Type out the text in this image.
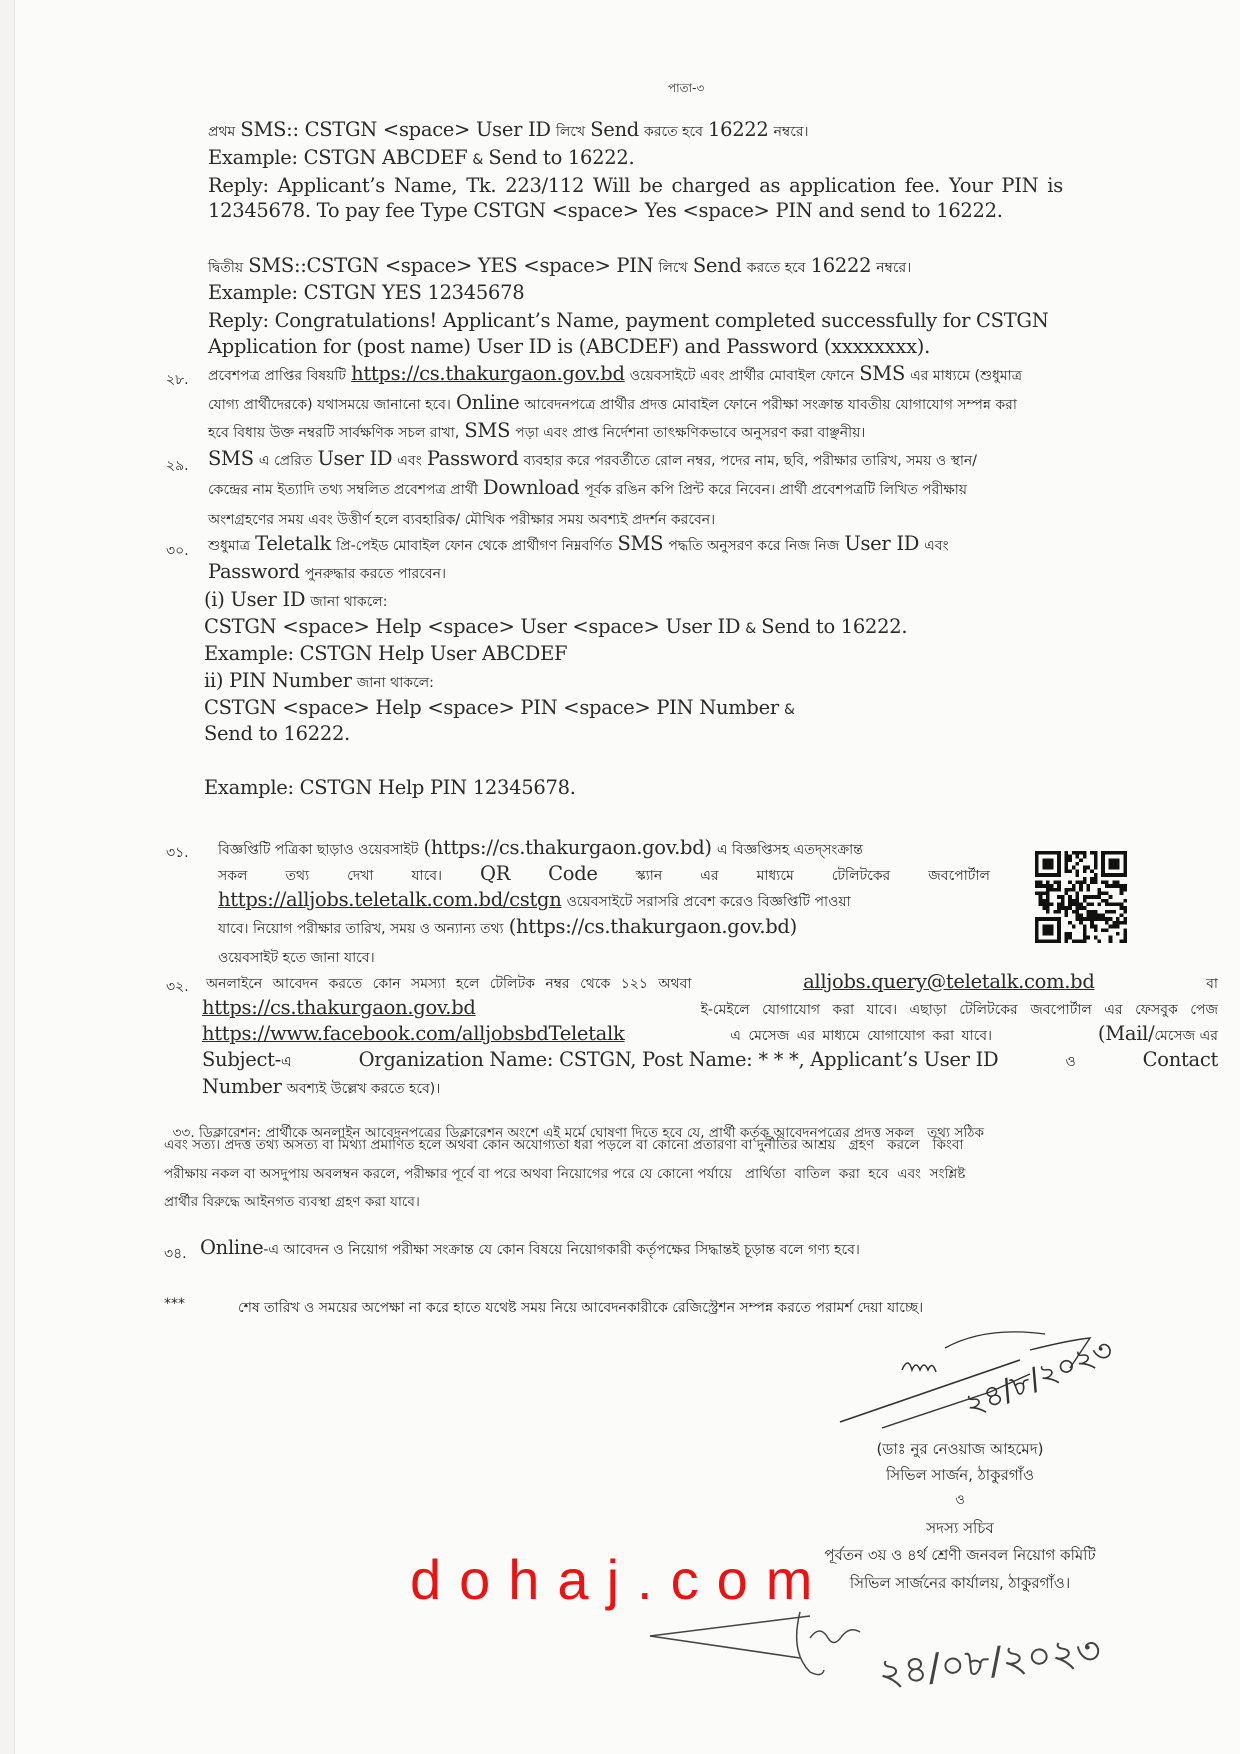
পাতা-৩
প্রথম SMS:: CSTGN <space> User ID লিখে Send করতে হবে 16222 নম্বরে।
Example: CSTGN ABCDEF & Send to 16222.
Reply: Applicant’s Name, Tk. 223/112 Will be charged as application fee. Your PIN is
12345678. To pay fee Type CSTGN <space> Yes <space> PIN and send to 16222.
দ্বিতীয় SMS::CSTGN <space> YES <space> PIN লিখে Send করতে হবে 16222 নম্বরে।
Example: CSTGN YES 12345678
Reply: Congratulations! Applicant’s Name, payment completed successfully for CSTGN
Application for (post name) User ID is (ABCDEF) and Password (xxxxxxxx).
২৮. প্রবেশপত্র প্রাপ্তির বিষয়টি https://cs.thakurgaon.gov.bd ওয়েবসাইটে এবং প্রার্থীর মোবাইল ফোনে SMS এর মাধ্যমে (শুধুমাত্র
যোগ্য প্রার্থীদেরকে) যথাসময়ে জানানো হবে। Online আবেদনপত্রে প্রার্থীর প্রদত্ত মোবাইল ফোনে পরীক্ষা সংক্রান্ত যাবতীয় যোগাযোগ সম্পন্ন করা
হবে বিধায় উক্ত নম্বরটি সার্বক্ষণিক সচল রাখা, SMS পড়া এবং প্রাপ্ত নির্দেশনা তাৎক্ষণিকভাবে অনুসরণ করা বাঞ্ছনীয়।
২৯. SMS এ প্রেরিত User ID এবং Password ব্যবহার করে পরবর্তীতে রোল নম্বর, পদের নাম, ছবি, পরীক্ষার তারিখ, সময় ও স্থান/
কেন্দ্রের নাম ইত্যাদি তথ্য সম্বলিত প্রবেশপত্র প্রার্থী Download পূর্বক রঙিন কপি প্রিন্ট করে নিবেন। প্রার্থী প্রবেশপত্রটি লিখিত পরীক্ষায়
অংশগ্রহণের সময় এবং উত্তীর্ণ হলে ব্যবহারিক/ মৌখিক পরীক্ষার সময় অবশ্যই প্রদর্শন করবেন।
৩০. শুধুমাত্র Teletalk প্রি-পেইড মোবাইল ফোন থেকে প্রার্থীগণ নিম্নবর্ণিত SMS পদ্ধতি অনুসরণ করে নিজ নিজ User ID এবং
Password পুনরুদ্ধার করতে পারবেন।
(i) User ID জানা থাকলে:
CSTGN <space> Help <space> User <space> User ID & Send to 16222.
Example: CSTGN Help User ABCDEF
ii) PIN Number জানা থাকলে:
CSTGN <space> Help <space> PIN <space> PIN Number &
Send to 16222.
Example: CSTGN Help PIN 12345678.
৩১. বিজ্ঞপ্তিটি পত্রিকা ছাড়াও ওয়েবসাইট (https://cs.thakurgaon.gov.bd) এ বিজ্ঞপ্তিসহ এতদ্‌সংক্রান্ত
সকল	তথ্য	দেখা	যাবে। QR Code	স্ক্যান	এর	মাধ্যমে	টেলিটকের	জবপোর্টাল
https://alljobs.teletalk.com.bd/cstgn ওয়েবসাইটে সরাসরি প্রবেশ করেও বিজ্ঞপ্তিটি পাওয়া
যাবে। নিয়োগ পরীক্ষার তারিখ, সময় ও অন্যান্য তথ্য (https://cs.thakurgaon.gov.bd)
ওয়েবসাইট হতে জানা যাবে।
৩২. অনলাইনে আবেদন করতে কোন সমস্যা হলে টেলিটক নম্বর থেকে ১২১ অথবা	alljobs.query@teletalk.com.bd	বা
https://cs.thakurgaon.gov.bd	ই-মেইলে যোগাযোগ করা যাবে। এছাড়া টেলিটকের জবপোর্টাল এর ফেসবুক পেজ
https://www.facebook.com/alljobsbdTeletalk	এ মেসেজ এর মাধ্যমে যোগাযোগ করা যাবে।	(Mail/মেসেজ এর
Subject-এ	Organization Name: CSTGN, Post Name: * * *, Applicant’s User ID	ও	Contact
Number অবশ্যই উল্লেখ করতে হবে)।

৩৩. ডিক্লারেশন: প্রার্থীকে অনলাইন আবেদনপত্রের ডিক্লারেশন অংশে এই মর্মে ঘোষণা দিতে হবে যে, প্রার্থী কর্তৃক আবেদনপত্রের প্রদত্ত সকল   তথ্য সঠিক

এবং সত্য। প্রদত্ত তথ্য অসত্য বা মিথ্যা প্রমাণিত হলে অথবা কোন অযোগ্যতা ধরা পড়লে বা কোনো প্রতারণা বা দুর্নীতির আশ্রয়   গ্রহণ   করলে   কিংবা
পরীক্ষায় নকল বা অসদুপায় অবলম্বন করলে, পরীক্ষার পূর্বে বা পরে অথবা নিয়োগের পরে যে কোনো পর্যায়ে   প্রার্থিতা  বাতিল  করা  হবে  এবং  সংশ্লিষ্ট
প্রার্থীর বিরুদ্ধে আইনগত ব্যবস্থা গ্রহণ করা যাবে।
৩৪. Online-এ আবেদন ও নিয়োগ পরীক্ষা সংক্রান্ত যে কোন বিষয়ে নিয়োগকারী কর্তৃপক্ষের সিদ্ধান্তই চূড়ান্ত বলে গণ্য হবে।
***	শেষ তারিখ ও সময়ের অপেক্ষা না করে হাতে যথেষ্ট সময় নিয়ে আবেদনকারীকে রেজিস্ট্রেশন সম্পন্ন করতে পরামর্শ দেয়া যাচ্ছে।
২৪/৮/২০২৩
(ডাঃ নুর নেওয়াজ আহমেদ)
সিভিল সার্জন, ঠাকুরগাঁও
ও
সদস্য সচিব
পূর্বতন ৩য় ও ৪র্থ শ্রেণী জনবল নিয়োগ কমিটি
সিভিল সার্জনের কার্যালয়, ঠাকুরগাঁও।
dohaj.com
২৪/০৮/২০২৩
